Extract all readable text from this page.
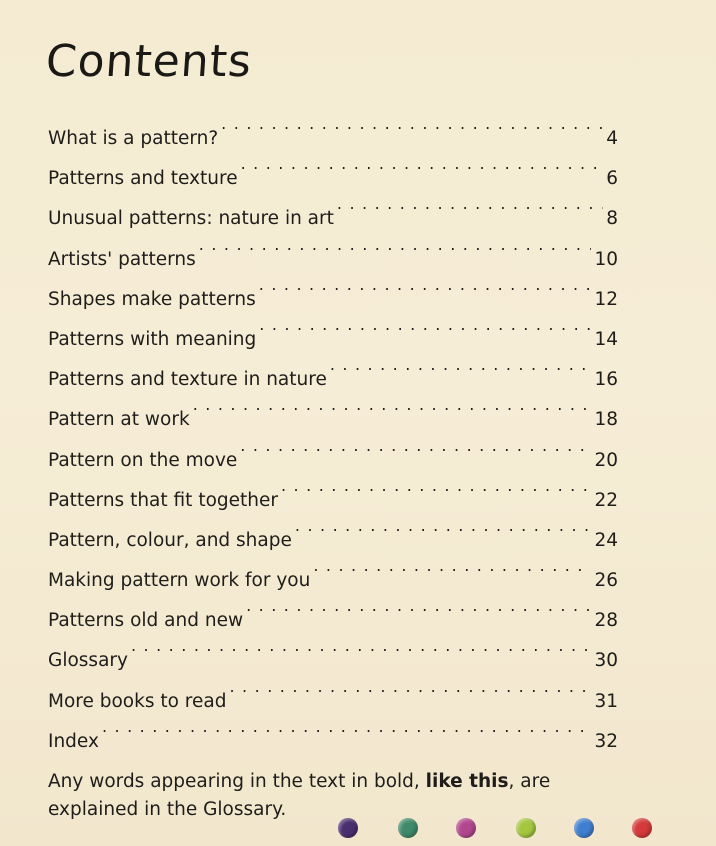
Contents
What is a pattern? . . .	4
Patterns and texture . . .	6
Unusual patterns: nature in art . . .	8
Artists' patterns . . .	10
Shapes make patterns . . .	12
Patterns with meaning . . .	14
Patterns and texture in nature . . .	16
Pattern at work . . .	18
Pattern on the move . . .	20
Patterns that fit together . . .	22
Pattern, colour, and shape . . .	24
Making pattern work for you . . .	26
Patterns old and new . . .	28
Glossary . . .	30
More books to read . . .	31
Index . . .	32
Any words appearing in the text in bold, like this, are explained in the Glossary.
